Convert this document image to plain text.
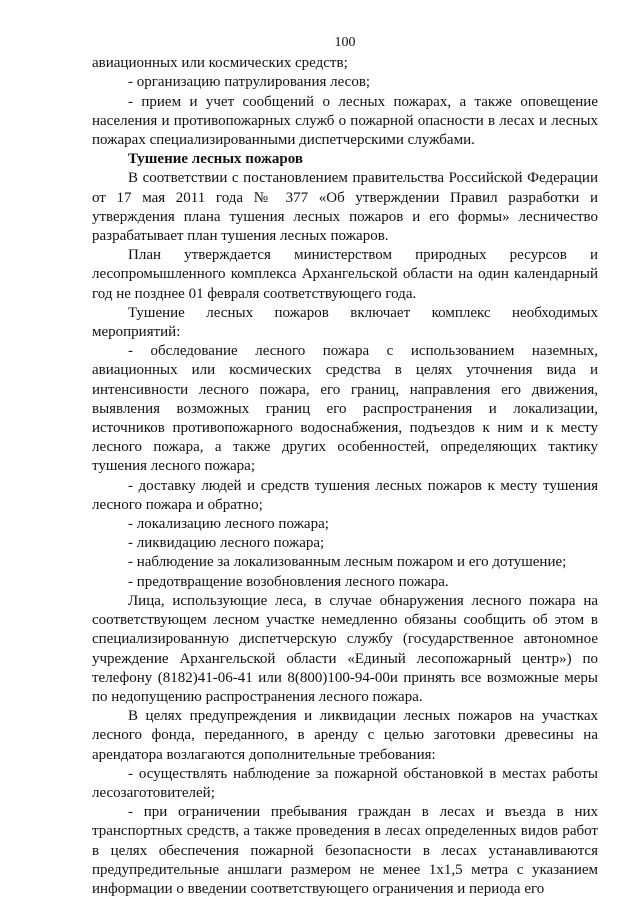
100

авиационных или космических средств;

- организацию патрулирования лесов;

- прием и учет сообщений о лесных пожарах, а также оповещение населения и противопожарных служб о пожарной опасности в лесах и лесных пожарах специализированными диспетчерскими службами.

Тушение лесных пожаров

В соответствии с постановлением правительства Российской Федерации от 17 мая 2011 года № 377 «Об утверждении Правил разработки и утверждения плана тушения лесных пожаров и его формы» лесничество разрабатывает план тушения лесных пожаров.

План утверждается министерством природных ресурсов и лесопромышленного комплекса Архангельской области на один календарный год не позднее 01 февраля соответствующего года.

Тушение лесных пожаров включает комплекс необходимых мероприятий:

- обследование лесного пожара с использованием наземных, авиационных или космических средства в целях уточнения вида и интенсивности лесного пожара, его границ, направления его движения, выявления возможных границ его распространения и локализации, источников противопожарного водоснабжения, подъездов к ним и к месту лесного пожара, а также других особенностей, определяющих тактику тушения лесного пожара;

- доставку людей и средств тушения лесных пожаров к месту тушения лесного пожара и обратно;

- локализацию лесного пожара;

- ликвидацию лесного пожара;

- наблюдение за локализованным лесным пожаром и его дотушение;

- предотвращение возобновления лесного пожара.

Лица, использующие леса, в случае обнаружения лесного пожара на соответствующем лесном участке немедленно обязаны сообщить об этом в специализированную диспетчерскую службу (государственное автономное учреждение Архангельской области «Единый лесопожарный центр») по телефону (8182)41-06-41 или 8(800)100-94-00и принять все возможные меры по недопущению распространения лесного пожара.

В целях предупреждения и ликвидации лесных пожаров на участках лесного фонда, переданного, в аренду с целью заготовки древесины на арендатора возлагаются дополнительные требования:

- осуществлять наблюдение за пожарной обстановкой в местах работы лесозаготовителей;

- при ограничении пребывания граждан в лесах и въезда в них транспортных средств, а также проведения в лесах определенных видов работ в целях обеспечения пожарной безопасности в лесах устанавливаются предупредительные аншлаги размером не менее 1х1,5 метра с указанием информации о введении соответствующего ограничения и периода его
